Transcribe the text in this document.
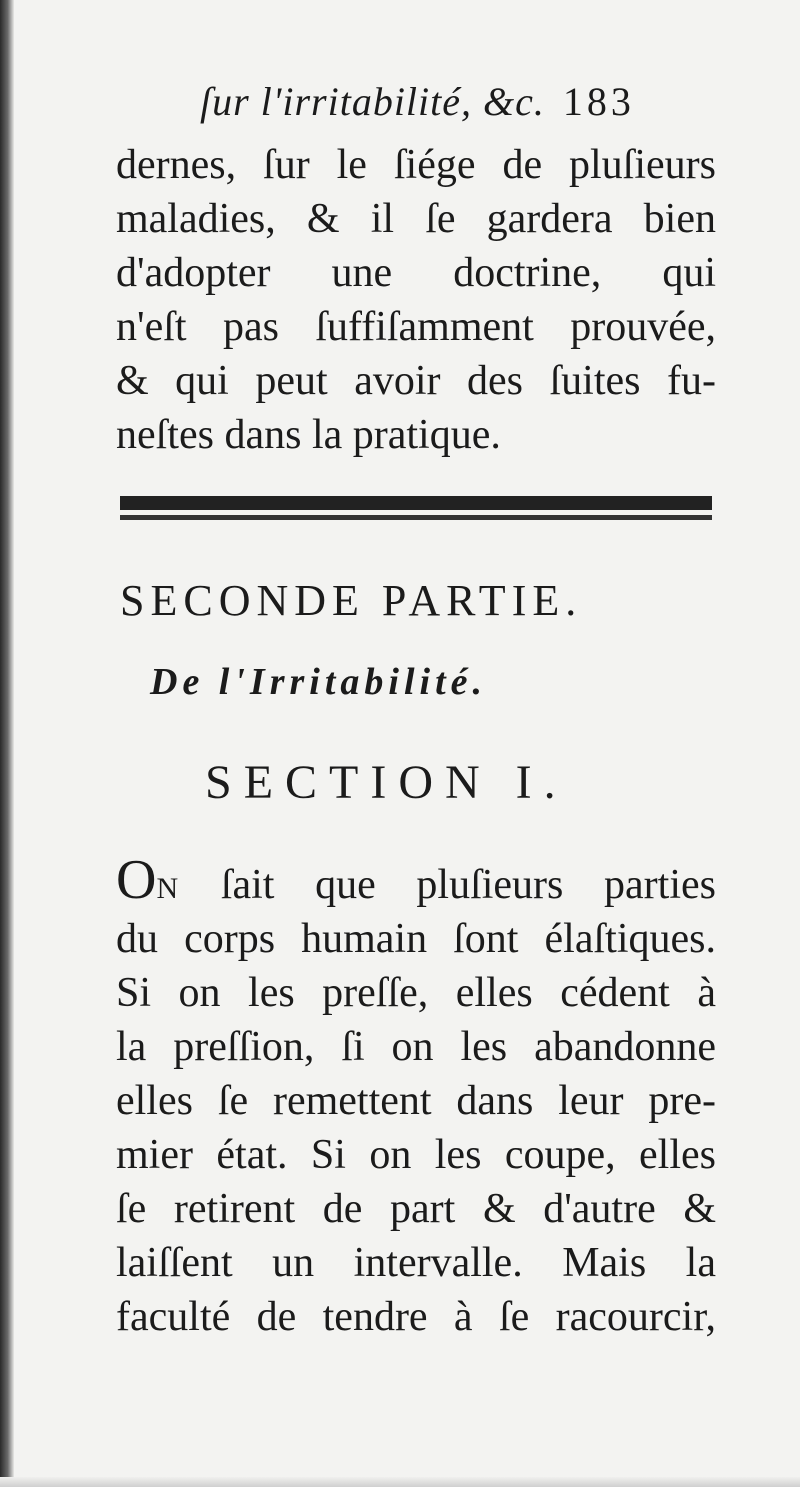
ſur l'irritabilité, &c. 183
dernes, ſur le ſiége de pluſieurs
maladies, & il ſe gardera bien
d'adopter une doctrine, qui
n'eſt pas ſuffiſamment prouvée,
& qui peut avoir des ſuites fu-
neſtes dans la pratique.
SECONDE PARTIE.
De l'Irritabilité.
SECTION I.
ON ſait que pluſieurs parties
du corps humain ſont élaſtiques.
Si on les preſſe, elles cédent à
la preſſion, ſi on les abandonne
elles ſe remettent dans leur pre-
mier état. Si on les coupe, elles
ſe retirent de part & d'autre &
laiſſent un intervalle. Mais la
faculté de tendre à ſe racourcir,
